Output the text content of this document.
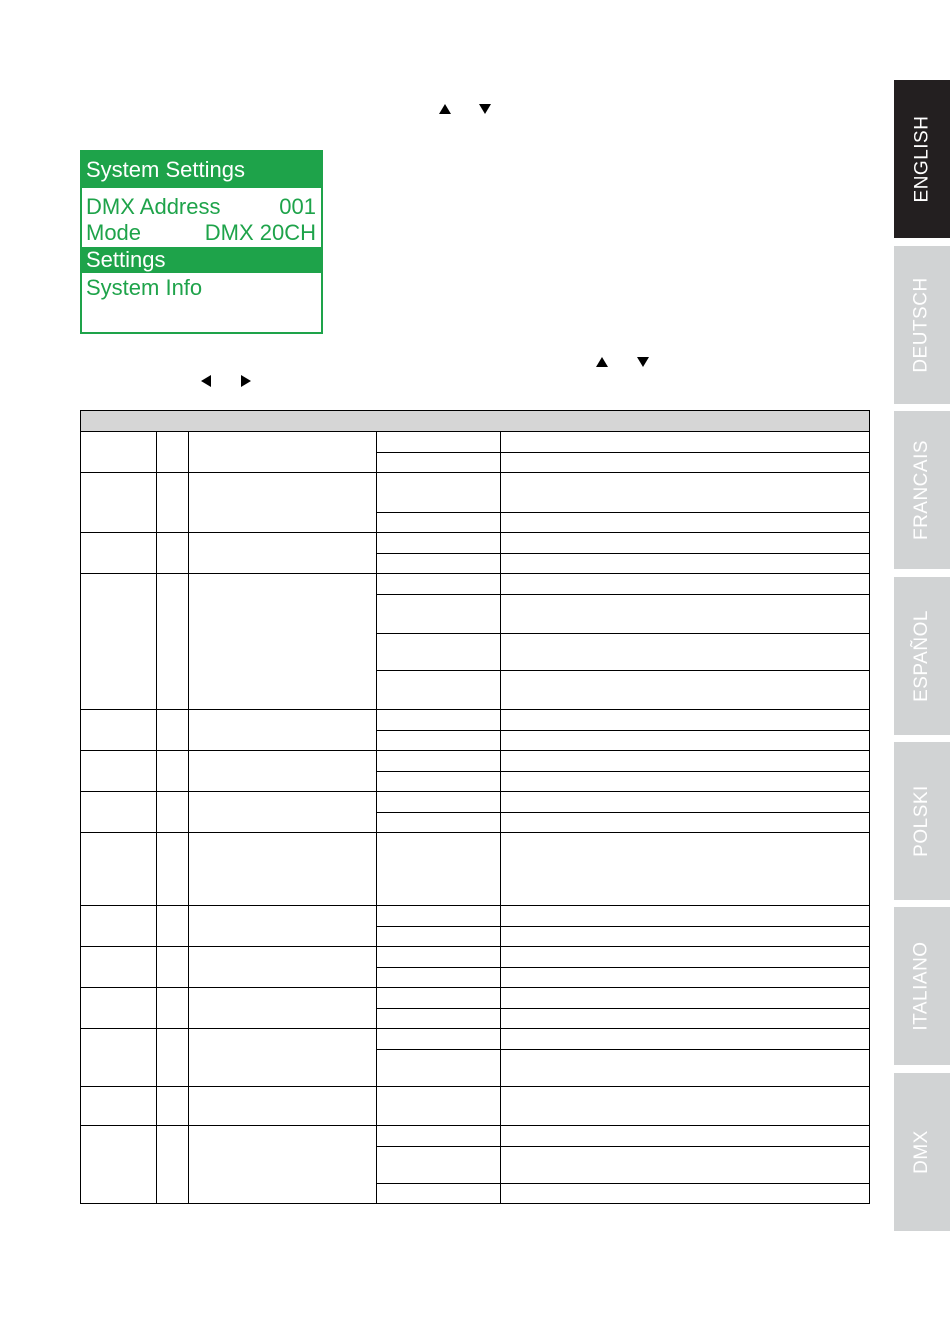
System Settings
DMX Address	001
Mode	DMX 20CH
Settings
System Info

ENGLISH
DEUTSCH
FRANCAIS
ESPAÑOL
POLSKI
ITALIANO
DMX
